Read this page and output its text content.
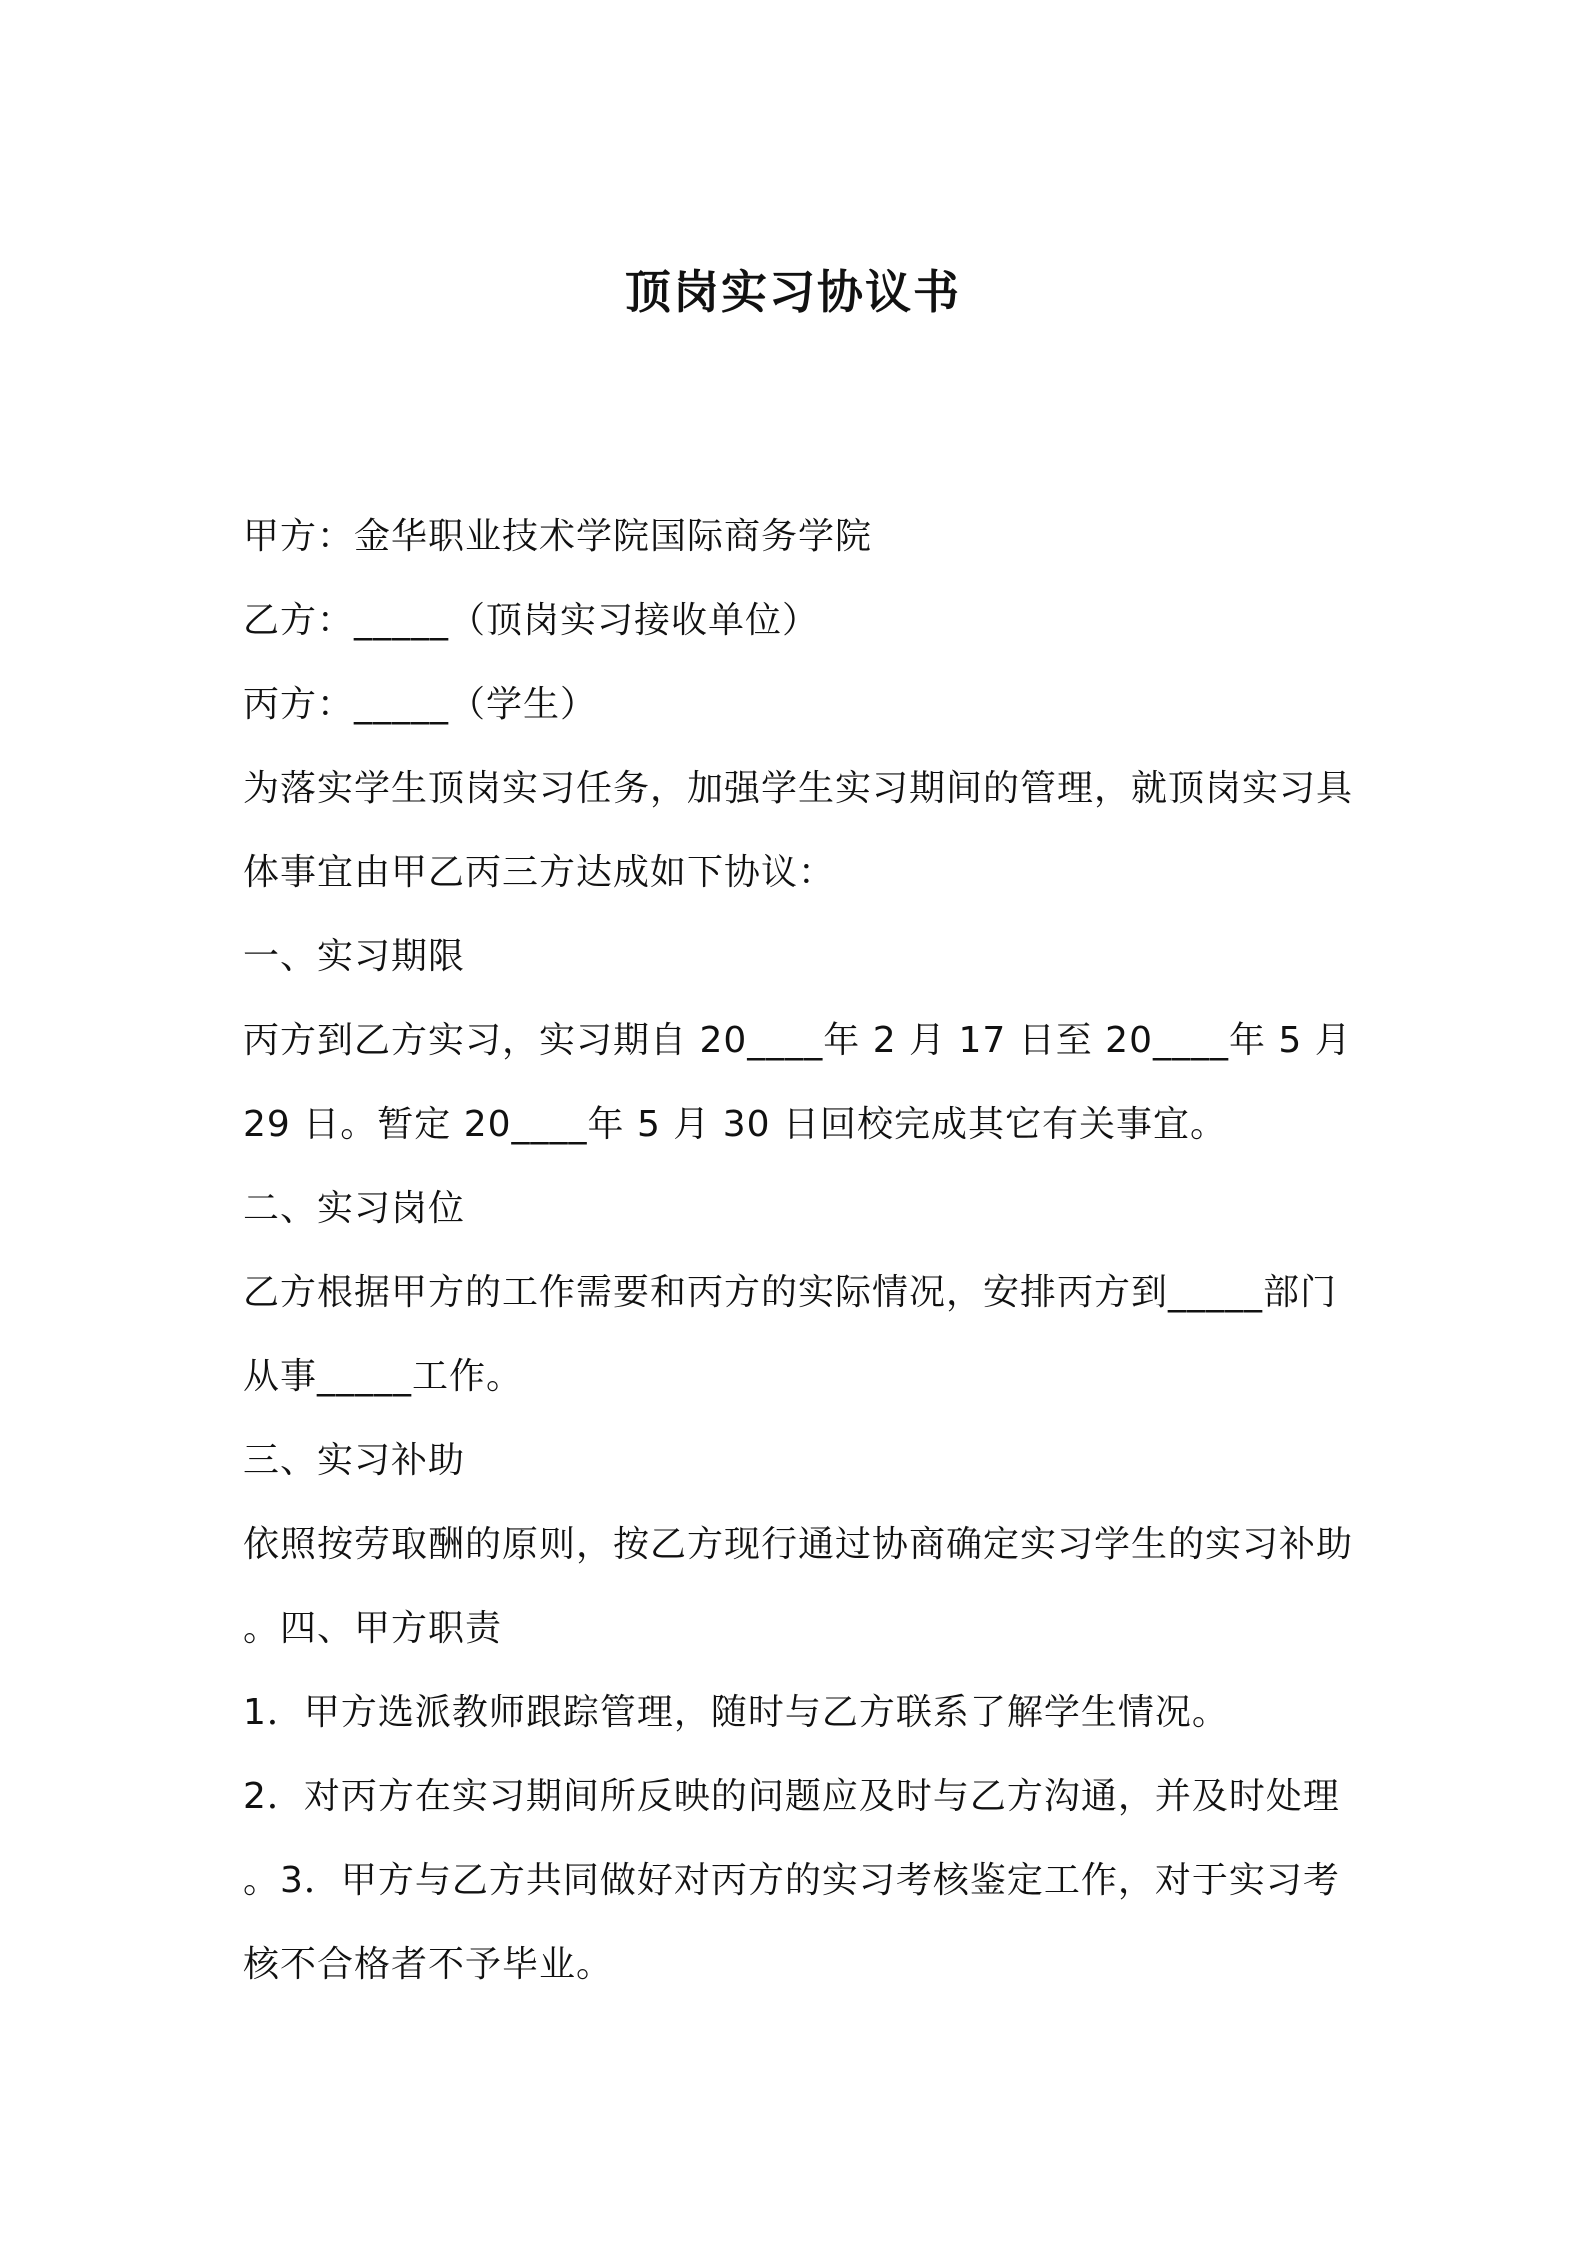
顶岗实习协议书
甲方：金华职业技术学院国际商务学院
乙方：_____（顶岗实习接收单位）
丙方：_____（学生）
为落实学生顶岗实习任务，加强学生实习期间的管理，就顶岗实习具
体事宜由甲乙丙三方达成如下协议：
一、实习期限
丙方到乙方实习，实习期自 20____年 2 月 17 日至 20____年 5 月
29 日。暂定 20____年 5 月 30 日回校完成其它有关事宜。
二、实习岗位
乙方根据甲方的工作需要和丙方的实际情况，安排丙方到_____部门
从事_____工作。
三、实习补助
依照按劳取酬的原则，按乙方现行通过协商确定实习学生的实习补助
。四、甲方职责
1．甲方选派教师跟踪管理，随时与乙方联系了解学生情况。
2．对丙方在实习期间所反映的问题应及时与乙方沟通，并及时处理
。3．甲方与乙方共同做好对丙方的实习考核鉴定工作，对于实习考
核不合格者不予毕业。
